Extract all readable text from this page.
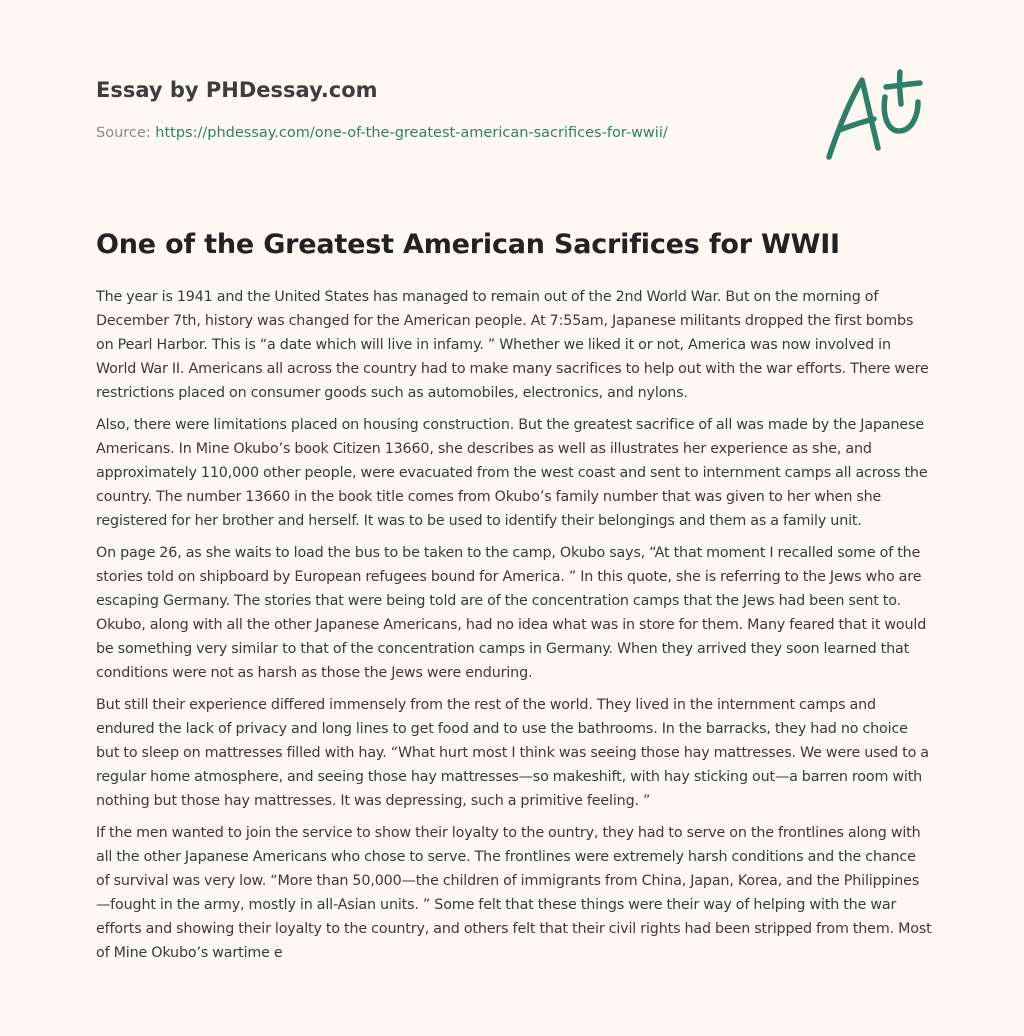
Essay by PHDessay.com
Source: https://phdessay.com/one-of-the-greatest-american-sacrifices-for-wwii/
One of the Greatest American Sacrifices for WWII

The year is 1941 and the United States has managed to remain out of the 2nd World War. But on the morning of December 7th, history was changed for the American people. At 7:55am, Japanese militants dropped the first bombs on Pearl Harbor. This is “a date which will live in infamy. ” Whether we liked it or not, America was now involved in World War II. Americans all across the country had to make many sacrifices to help out with the war efforts. There were restrictions placed on consumer goods such as automobiles, electronics, and nylons.

Also, there were limitations placed on housing construction. But the greatest sacrifice of all was made by the Japanese Americans. In Mine Okubo’s book Citizen 13660, she describes as well as illustrates her experience as she, and approximately 110,000 other people, were evacuated from the west coast and sent to internment camps all across the country. The number 13660 in the book title comes from Okubo’s family number that was given to her when she registered for her brother and herself. It was to be used to identify their belongings and them as a family unit.

On page 26, as she waits to load the bus to be taken to the camp, Okubo says, “At that moment I recalled some of the stories told on shipboard by European refugees bound for America. ” In this quote, she is referring to the Jews who are escaping Germany. The stories that were being told are of the concentration camps that the Jews had been sent to. Okubo, along with all the other Japanese Americans, had no idea what was in store for them. Many feared that it would be something very similar to that of the concentration camps in Germany. When they arrived they soon learned that conditions were not as harsh as those the Jews were enduring.

But still their experience differed immensely from the rest of the world. They lived in the internment camps and endured the lack of privacy and long lines to get food and to use the bathrooms. In the barracks, they had no choice but to sleep on mattresses filled with hay. “What hurt most I think was seeing those hay mattresses. We were used to a regular home atmosphere, and seeing those hay mattresses—so makeshift, with hay sticking out—a barren room with nothing but those hay mattresses. It was depressing, such a primitive feeling. ”

If the men wanted to join the service to show their loyalty to the ountry, they had to serve on the frontlines along with all the other Japanese Americans who chose to serve. The frontlines were extremely harsh conditions and the chance of survival was very low. “More than 50,000—the children of immigrants from China, Japan, Korea, and the Philippines—fought in the army, mostly in all-Asian units. ” Some felt that these things were their way of helping with the war efforts and showing their loyalty to the country, and others felt that their civil rights had been stripped from them. Most of Mine Okubo’s wartime e
